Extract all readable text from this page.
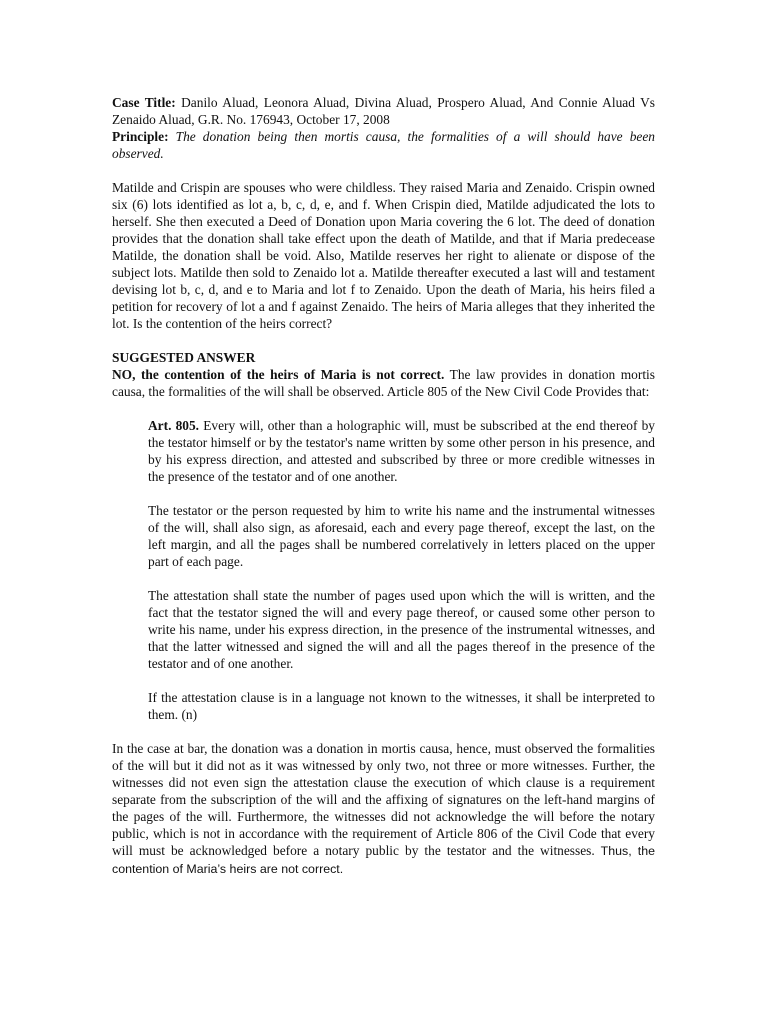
Case Title: Danilo Aluad, Leonora Aluad, Divina Aluad, Prospero Aluad, And Connie Aluad Vs Zenaido Aluad, G.R. No. 176943, October 17, 2008

Principle: The donation being then mortis causa, the formalities of a will should have been observed.

Matilde and Crispin are spouses who were childless. They raised Maria and Zenaido. Crispin owned six (6) lots identified as lot a, b, c, d, e, and f. When Crispin died, Matilde adjudicated the lots to herself. She then executed a Deed of Donation upon Maria covering the 6 lot. The deed of donation provides that the donation shall take effect upon the death of Matilde, and that if Maria predecease Matilde, the donation shall be void. Also, Matilde reserves her right to alienate or dispose of the subject lots. Matilde then sold to Zenaido lot a. Matilde thereafter executed a last will and testament devising lot b, c, d, and e to Maria and lot f to Zenaido. Upon the death of Maria, his heirs filed a petition for recovery of lot a and f against Zenaido. The heirs of Maria alleges that they inherited the lot. Is the contention of the heirs correct?

SUGGESTED ANSWER

NO, the contention of the heirs of Maria is not correct. The law provides in donation mortis causa, the formalities of the will shall be observed. Article 805 of the New Civil Code Provides that:

Art. 805. Every will, other than a holographic will, must be subscribed at the end thereof by the testator himself or by the testator's name written by some other person in his presence, and by his express direction, and attested and subscribed by three or more credible witnesses in the presence of the testator and of one another.

The testator or the person requested by him to write his name and the instrumental witnesses of the will, shall also sign, as aforesaid, each and every page thereof, except the last, on the left margin, and all the pages shall be numbered correlatively in letters placed on the upper part of each page.

The attestation shall state the number of pages used upon which the will is written, and the fact that the testator signed the will and every page thereof, or caused some other person to write his name, under his express direction, in the presence of the instrumental witnesses, and that the latter witnessed and signed the will and all the pages thereof in the presence of the testator and of one another.

If the attestation clause is in a language not known to the witnesses, it shall be interpreted to them. (n)

In the case at bar, the donation was a donation in mortis causa, hence, must observed the formalities of the will but it did not as it was witnessed by only two, not three or more witnesses. Further, the witnesses did not even sign the attestation clause the execution of which clause is a requirement separate from the subscription of the will and the affixing of signatures on the left-hand margins of the pages of the will. Furthermore, the witnesses did not acknowledge the will before the notary public, which is not in accordance with the requirement of Article 806 of the Civil Code that every will must be acknowledged before a notary public by the testator and the witnesses. Thus, the contention of Maria’s heirs are not correct.
